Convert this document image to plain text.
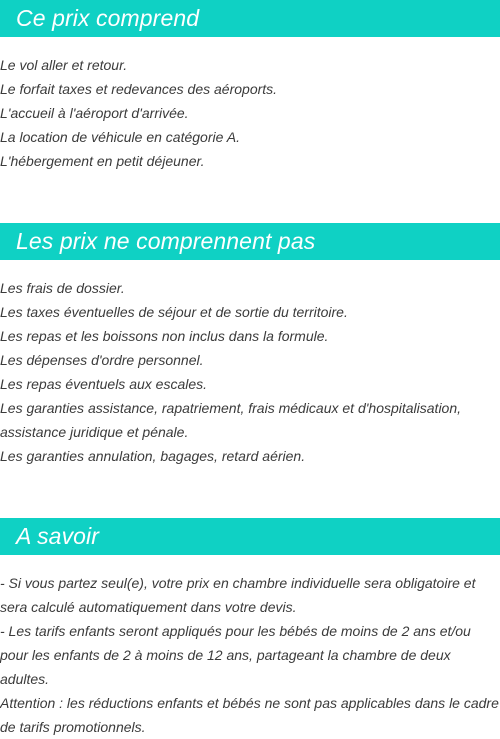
Ce prix comprend
Le vol aller et retour.
Le forfait taxes et redevances des aéroports.
L'accueil à l'aéroport d'arrivée.
La location de véhicule en catégorie A.
L'hébergement en petit déjeuner.
Les prix ne comprennent pas
Les frais de dossier.
Les taxes éventuelles de séjour et de sortie du territoire.
Les repas et les boissons non inclus dans la formule.
Les dépenses d'ordre personnel.
Les repas éventuels aux escales.
Les garanties assistance, rapatriement, frais médicaux et d'hospitalisation, assistance juridique et pénale.
Les garanties annulation, bagages, retard aérien.
A savoir
- Si vous partez seul(e), votre prix en chambre individuelle sera obligatoire et sera calculé automatiquement dans votre devis.
- Les tarifs enfants seront appliqués pour les bébés de moins de 2 ans et/ou pour les enfants de 2 à moins de 12 ans, partageant la chambre de deux adultes.
Attention : les réductions enfants et bébés ne sont pas applicables dans le cadre de tarifs promotionnels.
